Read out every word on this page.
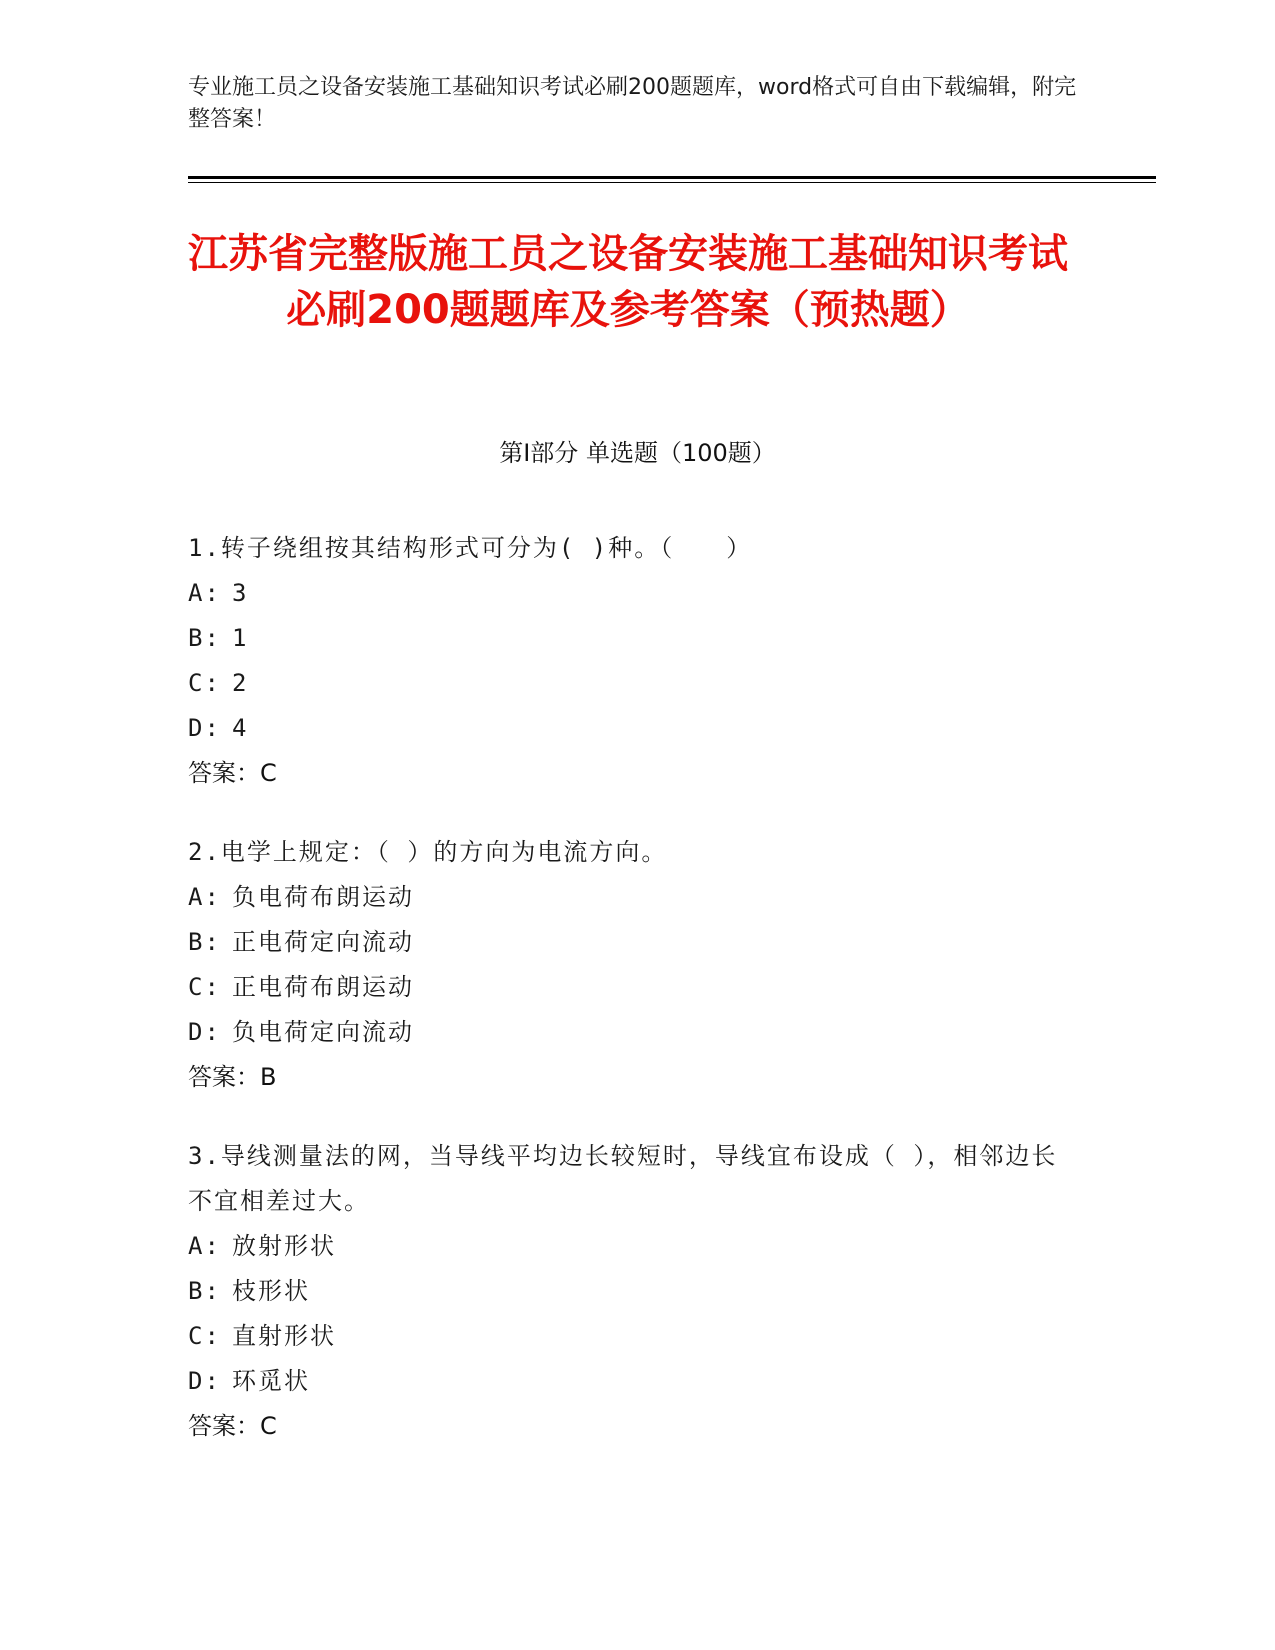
专业施工员之设备安装施工基础知识考试必刷200题题库，word格式可自由下载编辑，附完整答案！
江苏省完整版施工员之设备安装施工基础知识考试必刷200题题库及参考答案（预热题）
第I部分 单选题（100题）
1.转子绕组按其结构形式可分为( )种。（　　）
A: 3
B: 1
C: 2
D: 4
答案：C
2.电学上规定：（ ）的方向为电流方向。
A: 负电荷布朗运动
B: 正电荷定向流动
C: 正电荷布朗运动
D: 负电荷定向流动
答案：B
3.导线测量法的网，当导线平均边长较短时，导线宜布设成（ ），相邻边长不宜相差过大。
A: 放射形状
B: 枝形状
C: 直射形状
D: 环觅状
答案：C
